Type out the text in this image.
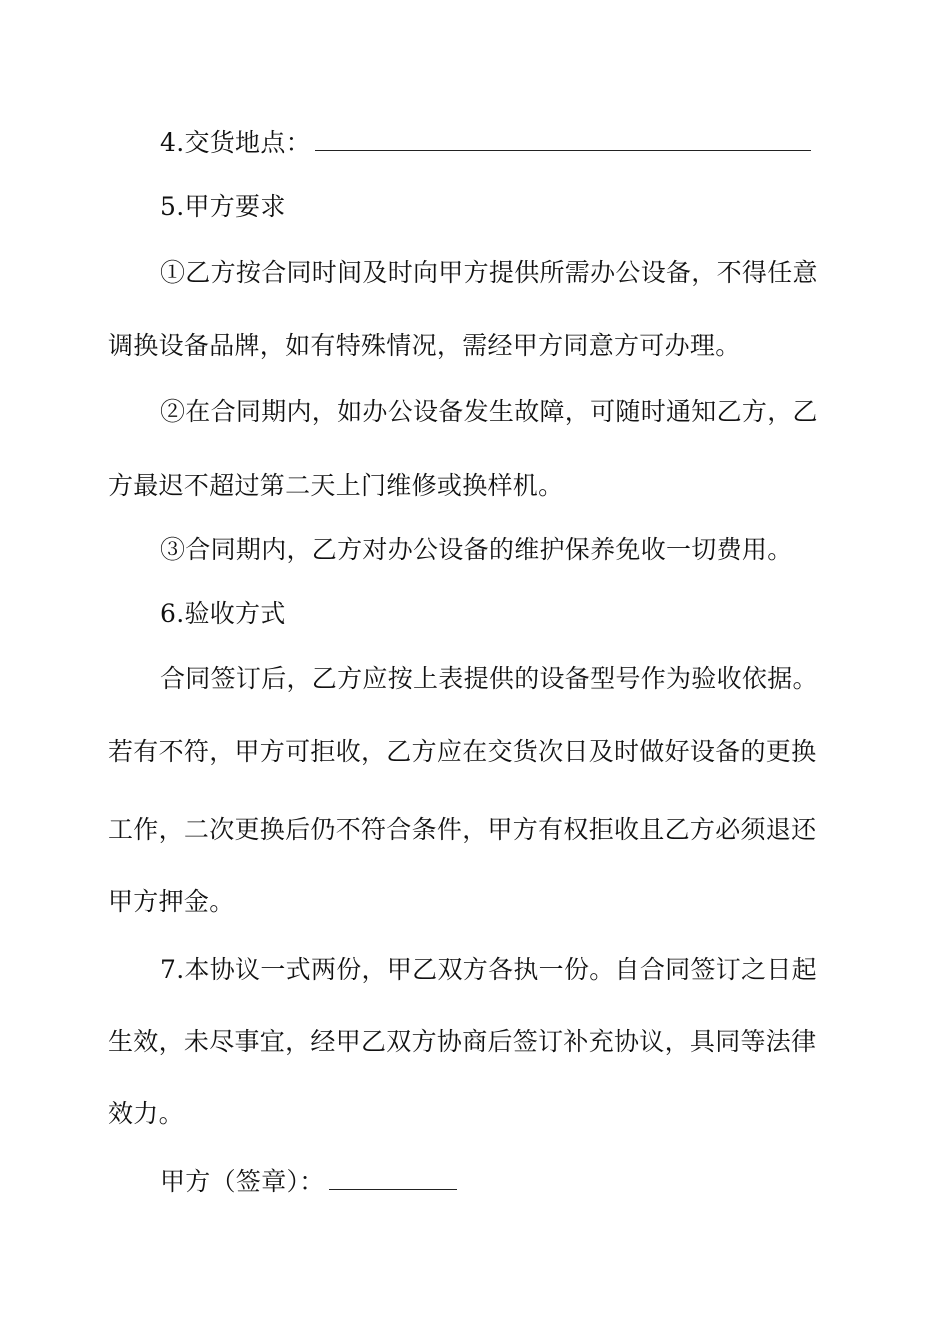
4.交货地点：
5.甲方要求
①乙方按合同时间及时向甲方提供所需办公设备，不得任意
调换设备品牌，如有特殊情况，需经甲方同意方可办理。
②在合同期内，如办公设备发生故障，可随时通知乙方，乙
方最迟不超过第二天上门维修或换样机。
③合同期内，乙方对办公设备的维护保养免收一切费用。
6.验收方式
合同签订后，乙方应按上表提供的设备型号作为验收依据。
若有不符，甲方可拒收，乙方应在交货次日及时做好设备的更换
工作，二次更换后仍不符合条件，甲方有权拒收且乙方必须退还
甲方押金。
7.本协议一式两份，甲乙双方各执一份。自合同签订之日起
生效，未尽事宜，经甲乙双方协商后签订补充协议，具同等法律
效力。
甲方（签章）：
